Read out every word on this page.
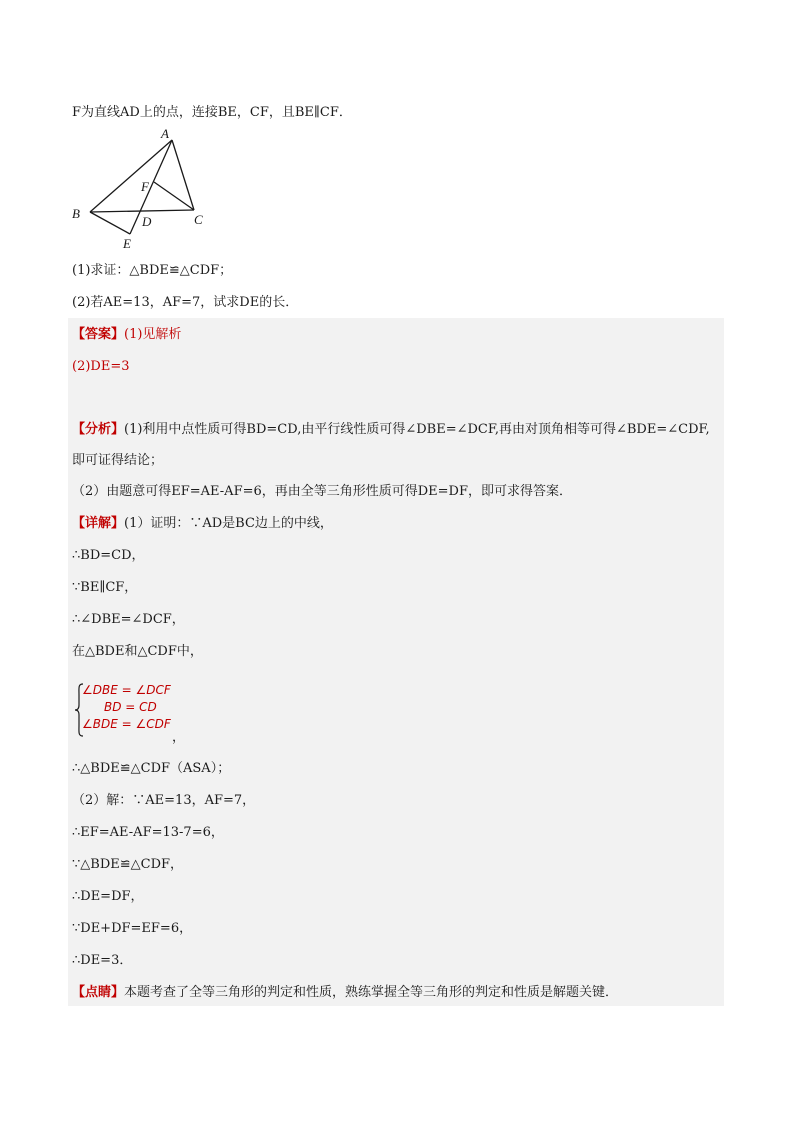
F为直线AD上的点，连接BE，CF，且BE∥CF．
A
B	C
D
F
E
(1)求证：△BDE≌△CDF；
(2)若AE=13，AF=7，试求DE的长．
【答案】(1)见解析
(2)DE=3
【分析】(1)利用中点性质可得BD=CD,由平行线性质可得∠DBE=∠DCF,再由对顶角相等可得∠BDE=∠CDF,
即可证得结论；
（2）由题意可得EF=AE-AF=6，再由全等三角形性质可得DE=DF，即可求得答案．
【详解】(1）证明：∵AD是BC边上的中线，
∴BD=CD，
∵BE∥CF，
∴∠DBE=∠DCF，
在△BDE和△CDF中，
∠DBE = ∠DCF
BD = CD
∠BDE = ∠CDF
，
∴△BDE≌△CDF（ASA）；
（2）解：∵AE=13，AF=7，
∴EF=AE-AF=13-7=6，
∵△BDE≌△CDF，
∴DE=DF，
∵DE+DF=EF=6，
∴DE=3．
【点睛】本题考查了全等三角形的判定和性质，熟练掌握全等三角形的判定和性质是解题关键．
